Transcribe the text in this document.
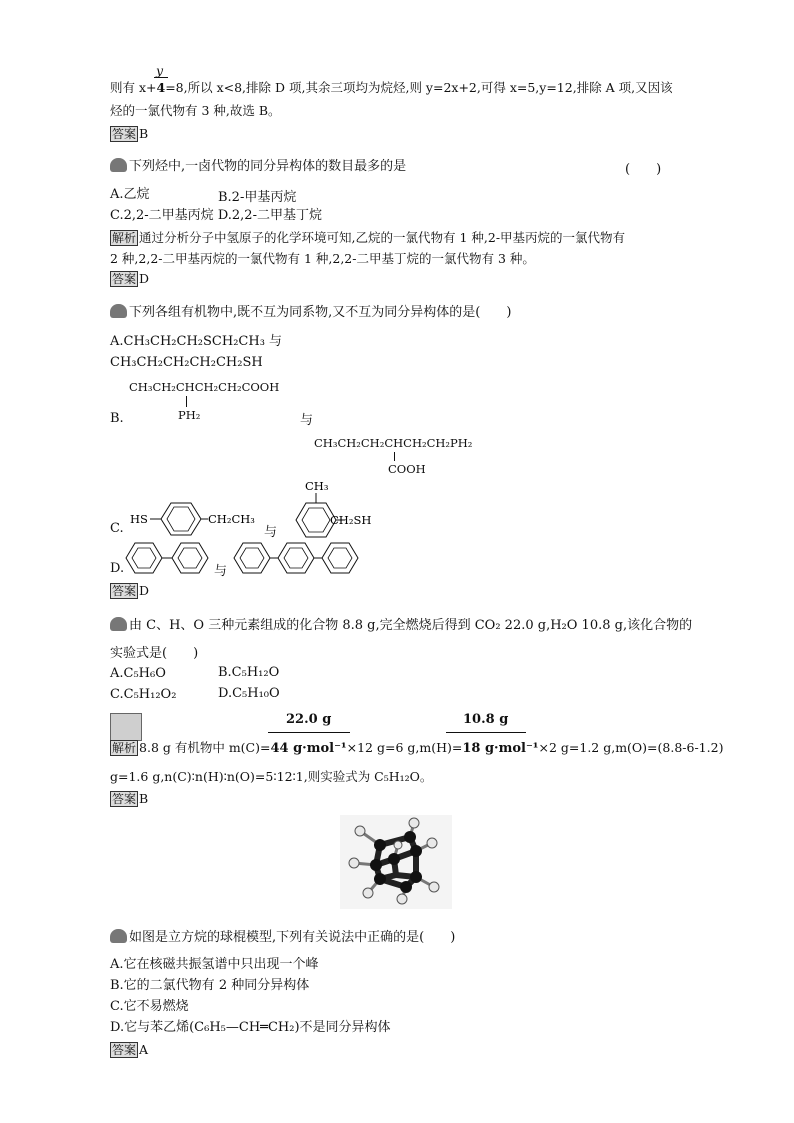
y
则有 x+4=8,所以 x<8,排除 D 项,其余三项均为烷烃,则 y=2x+2,可得 x=5,y=12,排除 A 项,又因该
烃的一氯代物有 3 种,故选 B。
答案 B
下列烃中,一卤代物的同分异构体的数目最多的是	(　　)
A.乙烷	B.2-甲基丙烷
C.2,2-二甲基丙烷 D.2,2-二甲基丁烷
解析 通过分析分子中氢原子的化学环境可知,乙烷的一氯代物有 1 种,2-甲基丙烷的一氯代物有
2 种,2,2-二甲基丙烷的一氯代物有 1 种,2,2-二甲基丁烷的一氯代物有 3 种。
答案 D
下列各组有机物中,既不互为同系物,又不互为同分异构体的是(　　)
A.CH₃CH₂CH₂SCH₂CH₃ 与
CH₃CH₂CH₂CH₂CH₂SH
CH₃CH₂CHCH₂CH₂COOH
PH₂
B.	与
CH₃CH₂CH₂CHCH₂CH₂PH₂
COOH
C.
HS	CH₂CH₃
与
CH₃
CH₂SH
D.	与
答案 D
由 C、H、O 三种元素组成的化合物 8.8 g,完全燃烧后得到 CO₂ 22.0 g,H₂O 10.8 g,该化合物的
实验式是(　　)
A.C₅H₆O	B.C₅H₁₂O
C.C₅H₁₂O₂	D.C₅H₁₀O
22.0 g	10.8 g
解析 8.8 g 有机物中 m(C)=44 g·mol⁻¹×12 g=6 g,m(H)=18 g·mol⁻¹×2 g=1.2 g,m(O)=(8.8-6-1.2)
g=1.6 g,n(C)∶n(H)∶n(O)=5∶12∶1,则实验式为 C₅H₁₂O。
答案 B
如图是立方烷的球棍模型,下列有关说法中正确的是(　　)
A.它在核磁共振氢谱中只出现一个峰
B.它的二氯代物有 2 种同分异构体
C.它不易燃烧
D.它与苯乙烯(C₆H₅—CH═CH₂)不是同分异构体
答案 A
